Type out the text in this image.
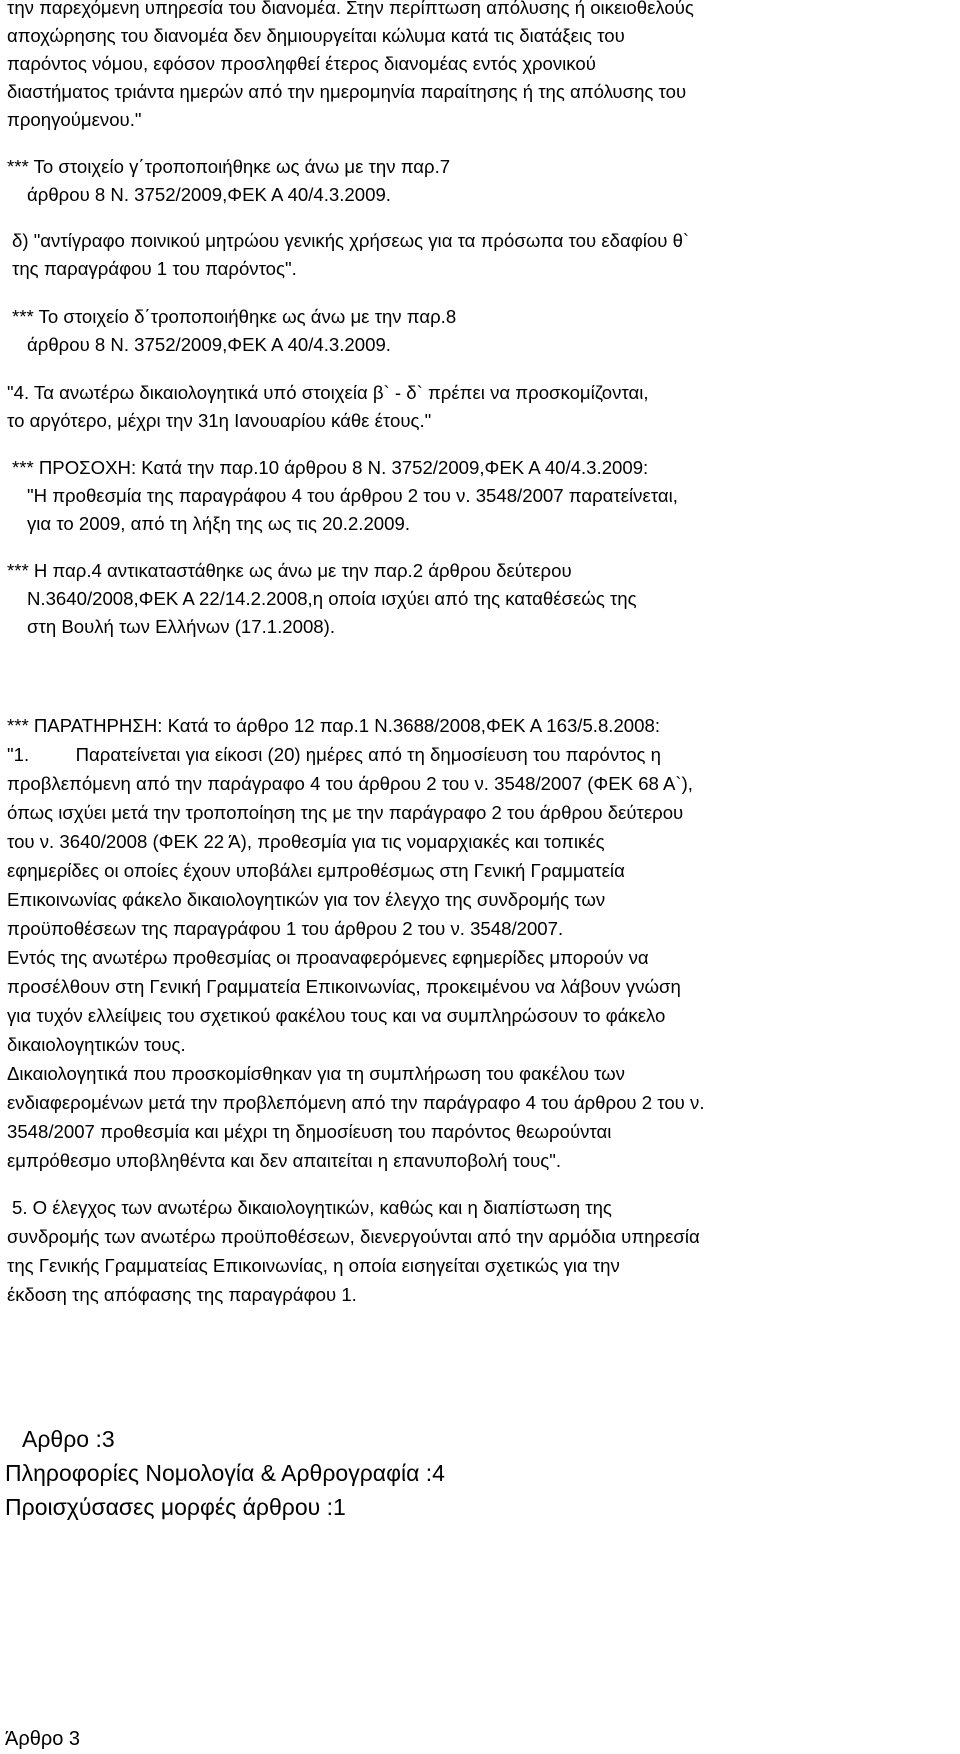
την παρεχόμενη υπηρεσία του διανομέα. Στην περίπτωση απόλυσης ή οικειοθελούς
αποχώρησης του διανομέα δεν δημιουργείται κώλυμα κατά τις διατάξεις του
παρόντος νόμου, εφόσον προσληφθεί έτερος διανομέας εντός χρονικού
διαστήματος τριάντα ημερών από την ημερομηνία παραίτησης ή της απόλυσης του
προηγούμενου."
*** Το στοιχείο γ΄τροποποιήθηκε ως άνω με την παρ.7
άρθρου 8 Ν. 3752/2009,ΦΕΚ Α 40/4.3.2009.
δ) "αντίγραφο ποινικού μητρώου γενικής χρήσεως για τα πρόσωπα του εδαφίου θ`
της παραγράφου 1 του παρόντος".
*** Το στοιχείο δ΄τροποποιήθηκε ως άνω με την παρ.8
άρθρου 8 Ν. 3752/2009,ΦΕΚ Α 40/4.3.2009.
"4. Τα ανωτέρω δικαιολογητικά υπό στοιχεία β` - δ` πρέπει να προσκομίζονται,
το αργότερο, μέχρι την 31η Ιανουαρίου κάθε έτους."
*** ΠΡΟΣΟΧΗ: Κατά την παρ.10 άρθρου 8 Ν. 3752/2009,ΦΕΚ Α 40/4.3.2009:
"Η προθεσμία της παραγράφου 4 του άρθρου 2 του ν. 3548/2007 παρατείνεται,
για το 2009, από τη λήξη της ως τις 20.2.2009.
*** Η παρ.4 αντικαταστάθηκε ως άνω με την παρ.2 άρθρου δεύτερου
Ν.3640/2008,ΦΕΚ Α 22/14.2.2008,η οποία ισχύει από της καταθέσεώς της
στη Βουλή των Ελλήνων (17.1.2008).
*** ΠΑΡΑΤΗΡΗΣΗ: Κατά το άρθρο 12 παρ.1 Ν.3688/2008,ΦΕΚ Α 163/5.8.2008:
"1.         Παρατείνεται για είκοσι (20) ημέρες από τη δημοσίευση του παρόντος η
προβλεπόμενη από την παράγραφο 4 του άρθρου 2 του ν. 3548/2007 (ΦΕΚ 68 Α`),
όπως ισχύει μετά την τροποποίηση της με την παράγραφο 2 του άρθρου δεύτερου
του ν. 3640/2008 (ΦΕΚ 22 Ά), προθεσμία για τις νομαρχιακές και τοπικές
εφημερίδες οι οποίες έχουν υποβάλει εμπροθέσμως στη Γενική Γραμματεία
Επικοινωνίας φάκελο δικαιολογητικών για τον έλεγχο της συνδρομής των
προϋποθέσεων της παραγράφου 1 του άρθρου 2 του ν. 3548/2007.
Εντός της ανωτέρω προθεσμίας οι προαναφερόμενες εφημερίδες μπορούν να
προσέλθουν στη Γενική Γραμματεία Επικοινωνίας, προκειμένου να λάβουν γνώση
για τυχόν ελλείψεις του σχετικού φακέλου τους και να συμπληρώσουν το φάκελο
δικαιολογητικών τους.
Δικαιολογητικά που προσκομίσθηκαν για τη συμπλήρωση του φακέλου των
ενδιαφερομένων μετά την προβλεπόμενη από την παράγραφο 4 του άρθρου 2 του ν.
3548/2007 προθεσμία και μέχρι τη δημοσίευση του παρόντος θεωρούνται
εμπρόθεσμο υποβληθέντα και δεν απαιτείται η επανυποβολή τους".
5. Ο έλεγχος των ανωτέρω δικαιολογητικών, καθώς και η διαπίστωση της
συνδρομής των ανωτέρω προϋποθέσεων, διενεργούνται από την αρμόδια υπηρεσία
της Γενικής Γραμματείας Επικοινωνίας, η οποία εισηγείται σχετικώς για την
έκδοση της απόφασης της παραγράφου 1.
Αρθρο :3
Πληροφορίες Νομολογία & Αρθρογραφία :4
Προισχύσασες μορφές άρθρου :1
Άρθρο 3
